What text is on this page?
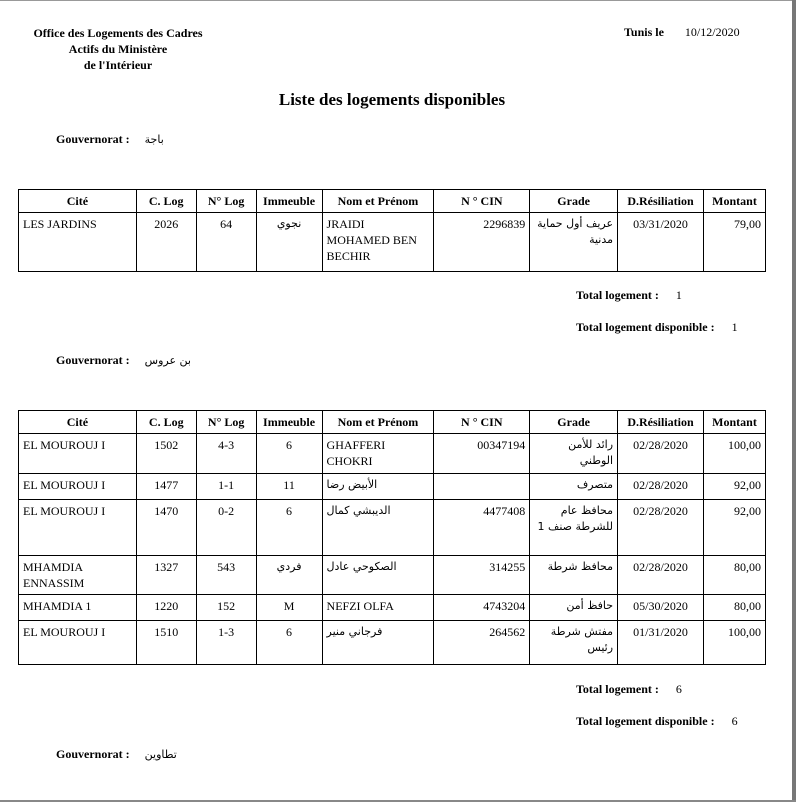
Office des Logements des Cadres
Actifs du Ministère
de l'Intérieur
Tunis le 10/12/2020
Liste des logements disponibles
Gouvernorat : باجة
Cité	C. Log	N° Log	Immeuble	Nom et Prénom	N ° CIN	Grade	D.Résiliation	Montant
LES JARDINS	2026	64	نجوي	JRAIDI MOHAMED BEN BECHIR	2296839	عريف أول حماية مدنية	03/31/2020	79,00
Total logement : 1
Total logement disponible : 1
Gouvernorat : بن عروس
Cité	C. Log	N° Log	Immeuble	Nom et Prénom	N ° CIN	Grade	D.Résiliation	Montant
EL MOUROUJ I	1502	4-3	6	GHAFFERI CHOKRI	00347194	رائد للأمن الوطني	02/28/2020	100,00
EL MOUROUJ I	1477	1-1	11	الأبيض رضا		متصرف	02/28/2020	92,00
EL MOUROUJ I	1470	0-2	6	الديبشي كمال	4477408	محافظ عام للشرطة صنف 1	02/28/2020	92,00
MHAMDIA ENNASSIM	1327	543	فردي	الصكوحي عادل	314255	محافظ شرطة	02/28/2020	80,00
MHAMDIA 1	1220	152	M	NEFZI OLFA	4743204	حافظ أمن	05/30/2020	80,00
EL MOUROUJ I	1510	1-3	6	فرجاني منير	264562	مفتش شرطة رئيس	01/31/2020	100,00
Total logement : 6
Total logement disponible : 6
Gouvernorat : تطاوين
